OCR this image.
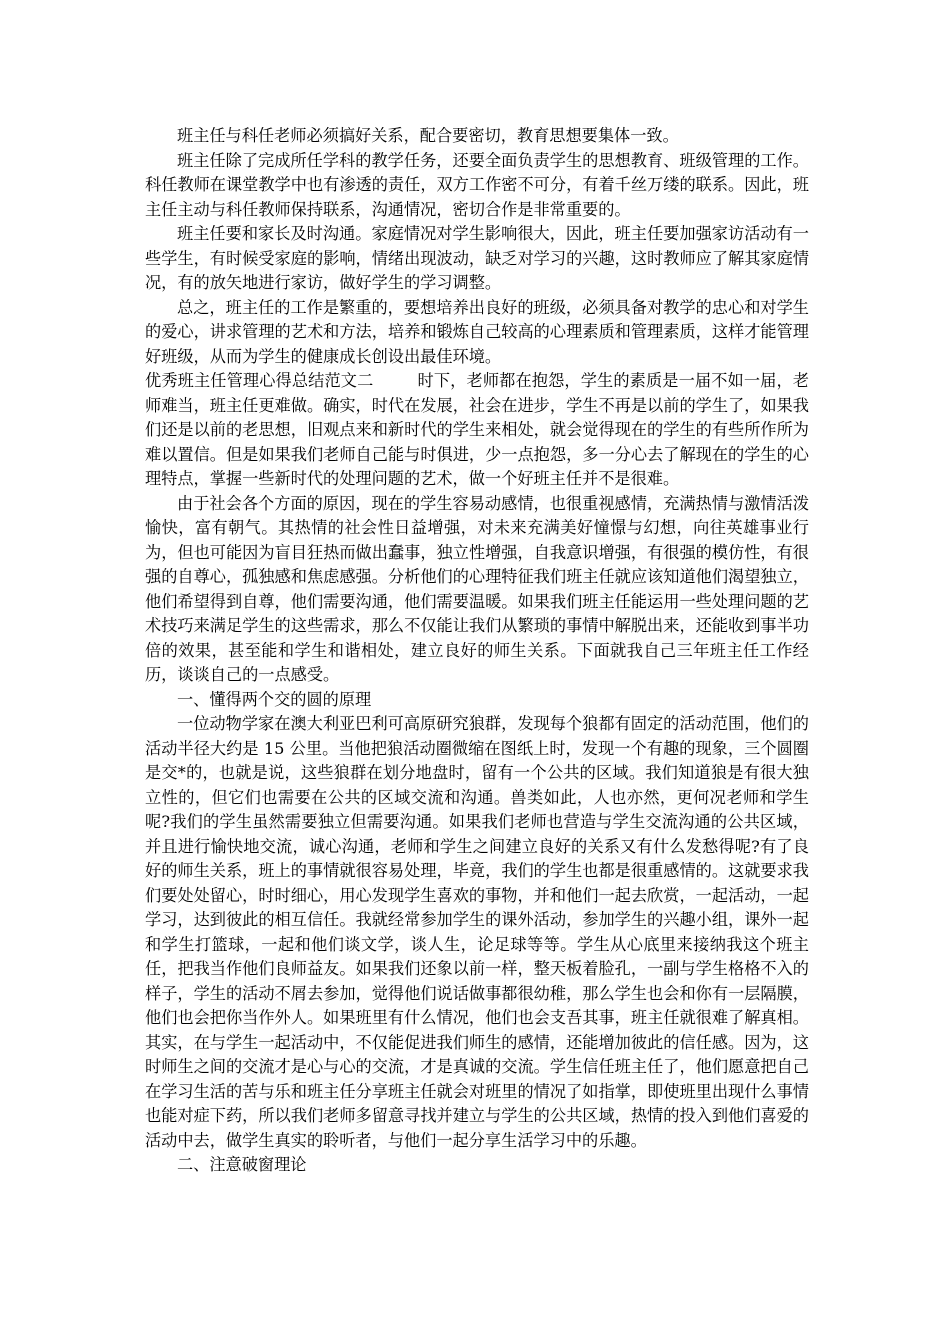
班主任与科任老师必须搞好关系，配合要密切，教育思想要集体一致。

班主任除了完成所任学科的教学任务，还要全面负责学生的思想教育、班级管理的工作。科任教师在课堂教学中也有渗透的责任，双方工作密不可分，有着千丝万缕的联系。因此，班主任主动与科任教师保持联系，沟通情况，密切合作是非常重要的。

班主任要和家长及时沟通。家庭情况对学生影响很大，因此，班主任要加强家访活动有一些学生，有时候受家庭的影响，情绪出现波动，缺乏对学习的兴趣，这时教师应了解其家庭情况，有的放矢地进行家访，做好学生的学习调整。

总之，班主任的工作是繁重的，要想培养出良好的班级，必须具备对教学的忠心和对学生的爱心，讲求管理的艺术和方法，培养和锻炼自己较高的心理素质和管理素质，这样才能管理好班级，从而为学生的健康成长创设出最佳环境。

优秀班主任管理心得总结范文二	时下，老师都在抱怨，学生的素质是一届不如一届，老师难当，班主任更难做。确实，时代在发展，社会在进步，学生不再是以前的学生了，如果我们还是以前的老思想，旧观点来和新时代的学生来相处，就会觉得现在的学生的有些所作所为难以置信。但是如果我们老师自己能与时俱进，少一点抱怨，多一分心去了解现在的学生的心理特点，掌握一些新时代的处理问题的艺术，做一个好班主任并不是很难。

由于社会各个方面的原因，现在的学生容易动感情，也很重视感情，充满热情与激情活泼愉快，富有朝气。其热情的社会性日益增强，对未来充满美好憧憬与幻想，向往英雄事业行为，但也可能因为盲目狂热而做出蠢事，独立性增强，自我意识增强，有很强的模仿性，有很强的自尊心，孤独感和焦虑感强。分析他们的心理特征我们班主任就应该知道他们渴望独立，他们希望得到自尊，他们需要沟通，他们需要温暖。如果我们班主任能运用一些处理问题的艺术技巧来满足学生的这些需求，那么不仅能让我们从繁琐的事情中解脱出来，还能收到事半功倍的效果，甚至能和学生和谐相处，建立良好的师生关系。下面就我自己三年班主任工作经历，谈谈自己的一点感受。

一、懂得两个交的圆的原理

一位动物学家在澳大利亚巴利可高原研究狼群，发现每个狼都有固定的活动范围，他们的活动半径大约是 15 公里。当他把狼活动圈微缩在图纸上时，发现一个有趣的现象，三个圆圈是交*的，也就是说，这些狼群在划分地盘时，留有一个公共的区域。我们知道狼是有很大独立性的，但它们也需要在公共的区域交流和沟通。兽类如此，人也亦然，更何况老师和学生呢?我们的学生虽然需要独立但需要沟通。如果我们老师也营造与学生交流沟通的公共区域，并且进行愉快地交流，诚心沟通，老师和学生之间建立良好的关系又有什么发愁得呢?有了良好的师生关系，班上的事情就很容易处理，毕竟，我们的学生也都是很重感情的。这就要求我们要处处留心，时时细心，用心发现学生喜欢的事物，并和他们一起去欣赏，一起活动，一起学习，达到彼此的相互信任。我就经常参加学生的课外活动，参加学生的兴趣小组，课外一起和学生打篮球，一起和他们谈文学，谈人生，论足球等等。学生从心底里来接纳我这个班主任，把我当作他们良师益友。如果我们还象以前一样，整天板着脸孔，一副与学生格格不入的样子，学生的活动不屑去参加，觉得他们说话做事都很幼稚，那么学生也会和你有一层隔膜，他们也会把你当作外人。如果班里有什么情况，他们也会支吾其事，班主任就很难了解真相。其实，在与学生一起活动中，不仅能促进我们师生的感情，还能增加彼此的信任感。因为，这时师生之间的交流才是心与心的交流，才是真诚的交流。学生信任班主任了，他们愿意把自己在学习生活的苦与乐和班主任分享班主任就会对班里的情况了如指掌，即使班里出现什么事情也能对症下药，所以我们老师多留意寻找并建立与学生的公共区域，热情的投入到他们喜爱的活动中去，做学生真实的聆听者，与他们一起分享生活学习中的乐趣。

二、注意破窗理论
